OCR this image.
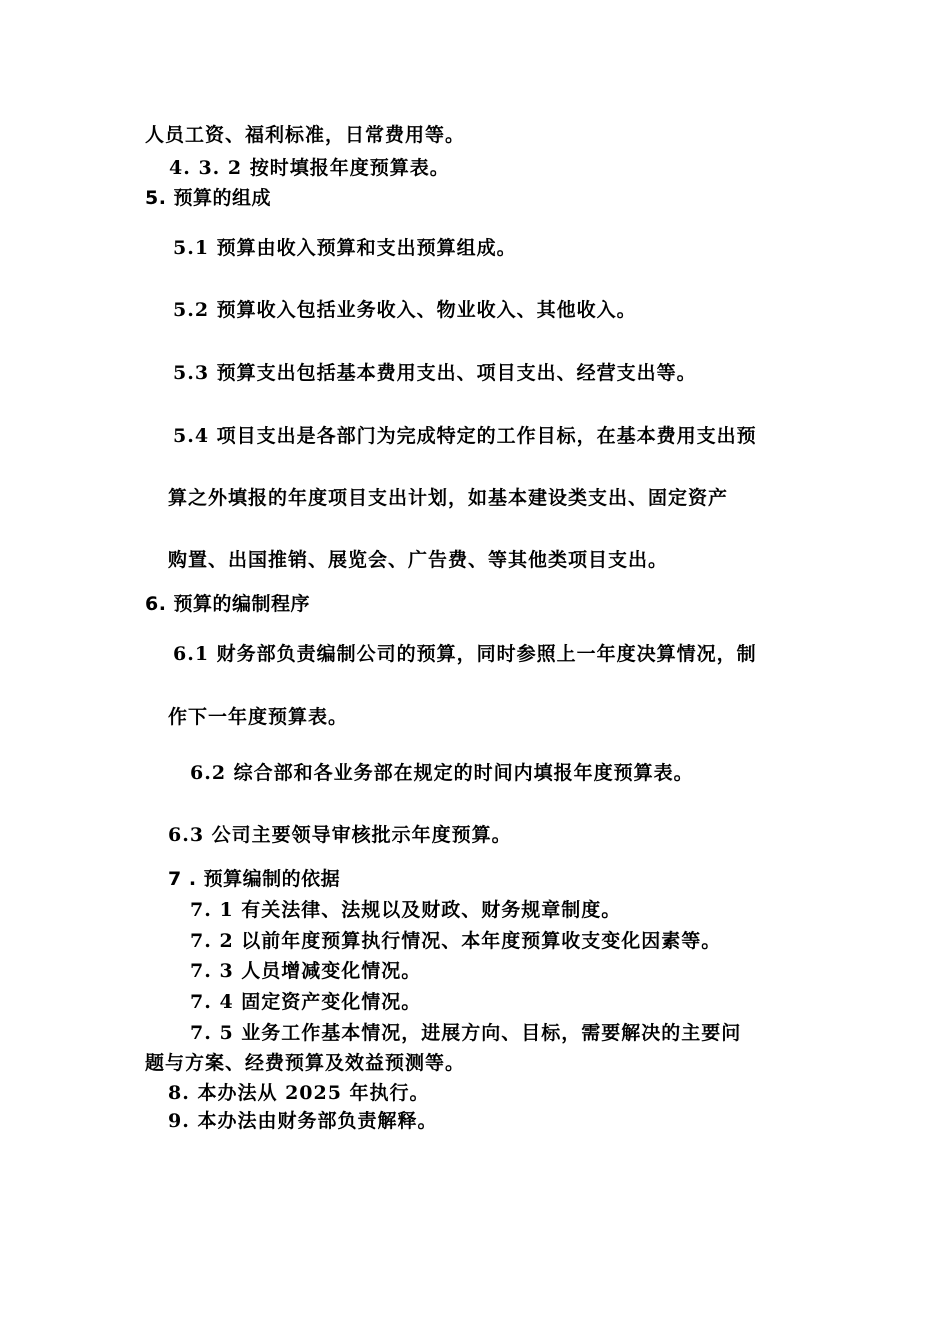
人员工资、福利标准，日常费用等。
4. 3. 2 按时填报年度预算表。
5. 预算的组成
5.1 预算由收入预算和支出预算组成。
5.2 预算收入包括业务收入、物业收入、其他收入。
5.3 预算支出包括基本费用支出、项目支出、经营支出等。
5.4 项目支出是各部门为完成特定的工作目标，在基本费用支出预
算之外填报的年度项目支出计划，如基本建设类支出、固定资产
购置、出国推销、展览会、广告费、等其他类项目支出。
6. 预算的编制程序
6.1 财务部负责编制公司的预算，同时参照上一年度决算情况，制
作下一年度预算表。
6.2 综合部和各业务部在规定的时间内填报年度预算表。
6.3 公司主要领导审核批示年度预算。
7 . 预算编制的依据
7. 1 有关法律、法规以及财政、财务规章制度。
7. 2 以前年度预算执行情况、本年度预算收支变化因素等。
7. 3 人员增减变化情况。
7. 4 固定资产变化情况。
7. 5 业务工作基本情况，进展方向、目标，需要解决的主要问
题与方案、经费预算及效益预测等。
8. 本办法从 2025 年执行。
9. 本办法由财务部负责解释。
